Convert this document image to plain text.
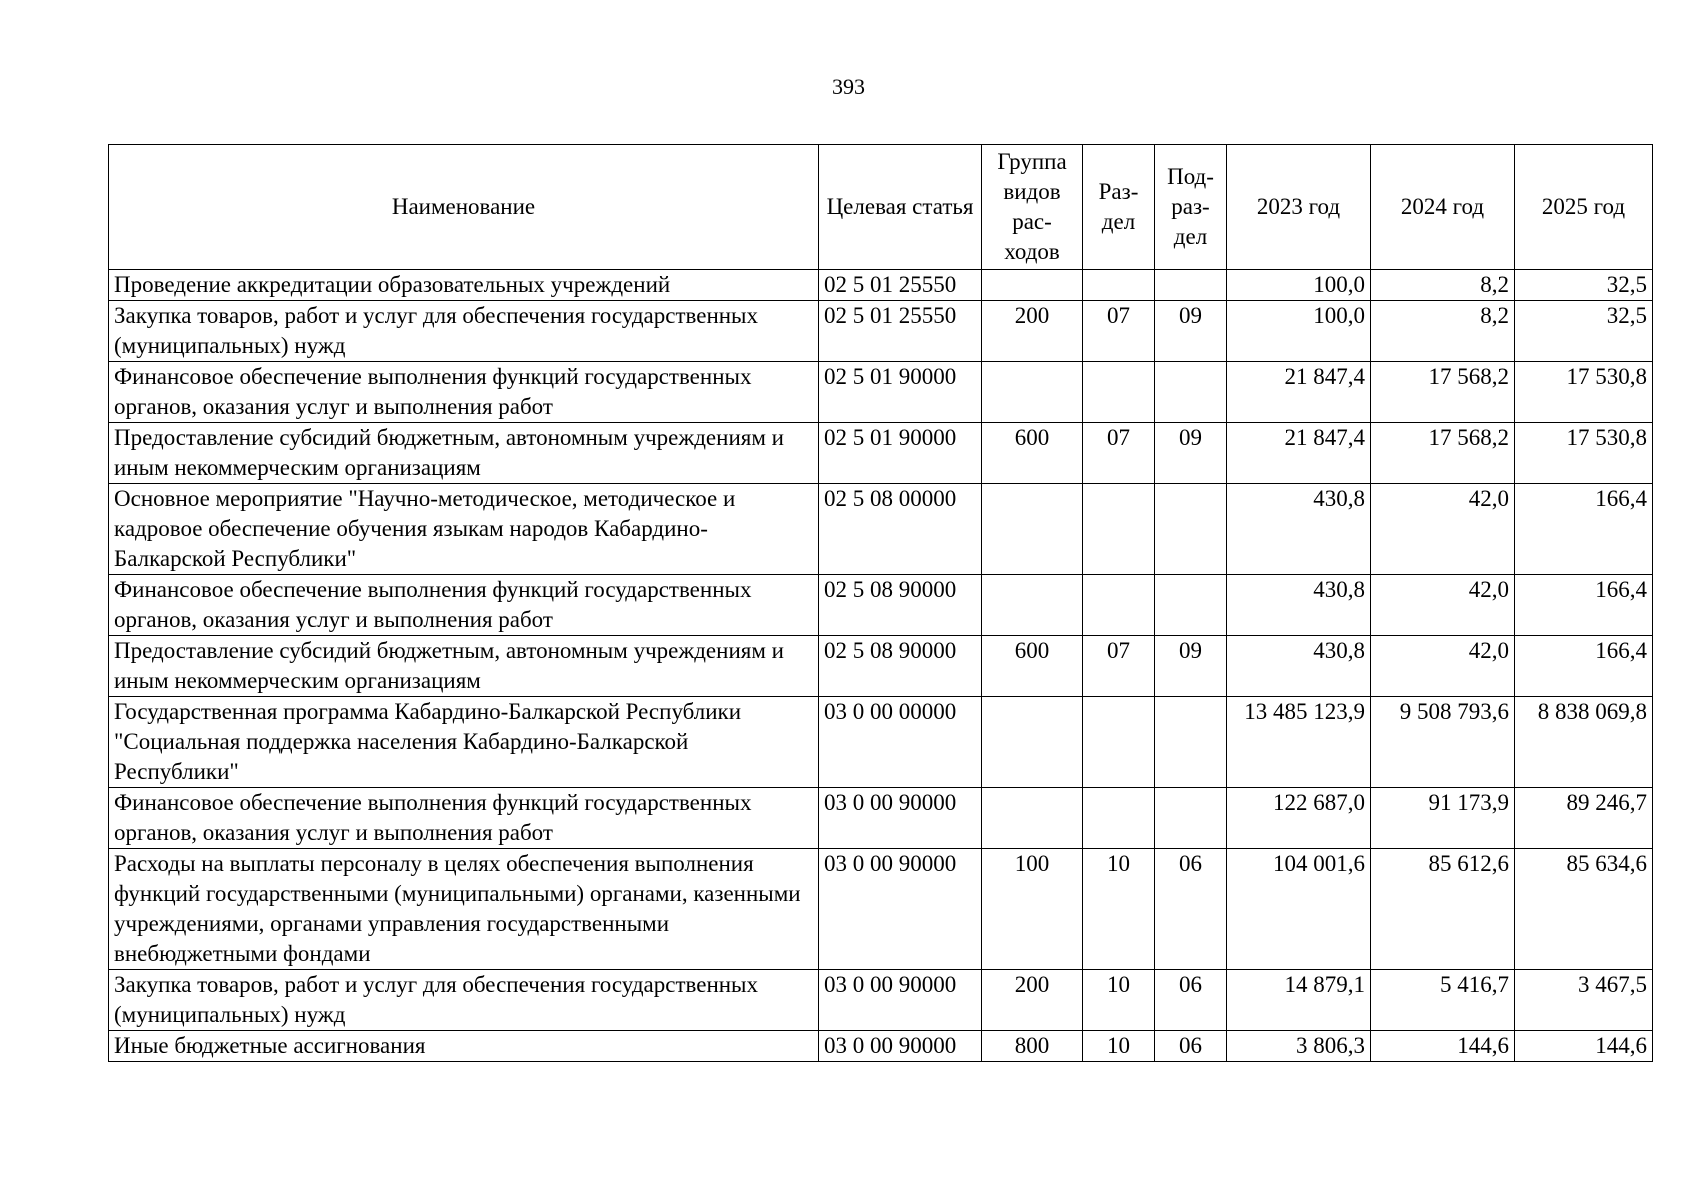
393
Наименование	Целевая статья	Группа видов рас-ходов	Раз-дел	Под-раз-дел	2023 год	2024 год	2025 год
Проведение аккредитации образовательных учреждений	02 5 01 25550				100,0	8,2	32,5
Закупка товаров, работ и услуг для обеспечения государственных (муниципальных) нужд	02 5 01 25550	200	07	09	100,0	8,2	32,5
Финансовое обеспечение выполнения функций государственных органов, оказания услуг и выполнения работ	02 5 01 90000				21 847,4	17 568,2	17 530,8
Предоставление субсидий бюджетным, автономным учреждениям и иным некоммерческим организациям	02 5 01 90000	600	07	09	21 847,4	17 568,2	17 530,8
Основное мероприятие "Научно-методическое, методическое и кадровое обеспечение обучения языкам народов Кабардино-Балкарской Республики"	02 5 08 00000				430,8	42,0	166,4
Финансовое обеспечение выполнения функций государственных органов, оказания услуг и выполнения работ	02 5 08 90000				430,8	42,0	166,4
Предоставление субсидий бюджетным, автономным учреждениям и иным некоммерческим организациям	02 5 08 90000	600	07	09	430,8	42,0	166,4
Государственная программа Кабардино-Балкарской Республики "Социальная поддержка населения Кабардино-Балкарской Республики"	03 0 00 00000				13 485 123,9	9 508 793,6	8 838 069,8
Финансовое обеспечение выполнения функций государственных органов, оказания услуг и выполнения работ	03 0 00 90000				122 687,0	91 173,9	89 246,7
Расходы на выплаты персоналу в целях обеспечения выполнения функций государственными (муниципальными) органами, казенными учреждениями, органами управления государственными внебюджетными фондами	03 0 00 90000	100	10	06	104 001,6	85 612,6	85 634,6
Закупка товаров, работ и услуг для обеспечения государственных (муниципальных) нужд	03 0 00 90000	200	10	06	14 879,1	5 416,7	3 467,5
Иные бюджетные ассигнования	03 0 00 90000	800	10	06	3 806,3	144,6	144,6
